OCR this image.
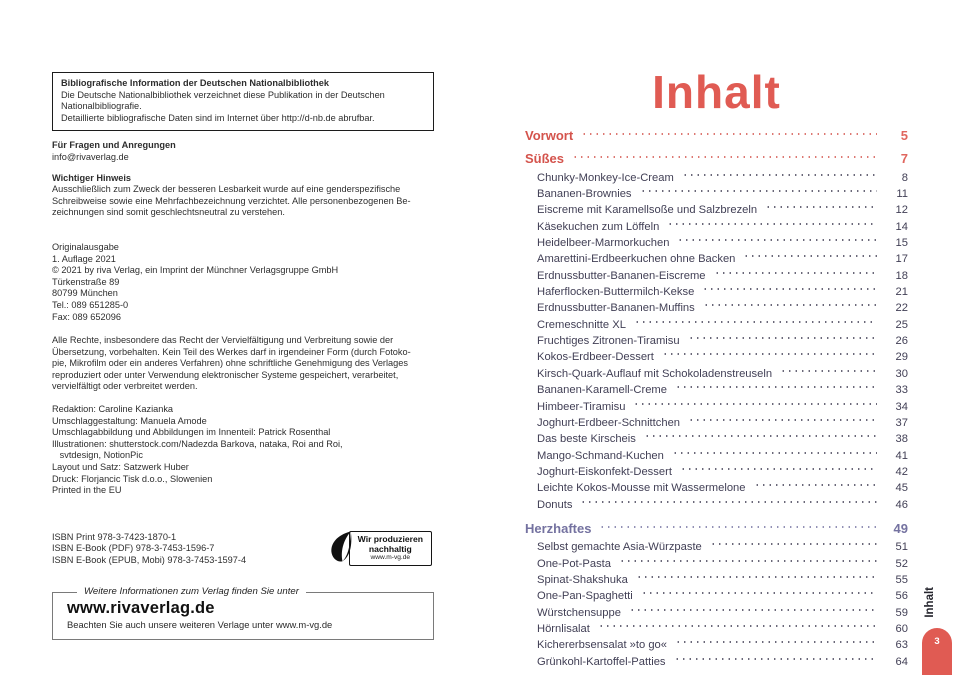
Bibliografische Information der Deutschen Nationalbibliothek
Die Deutsche Nationalbibliothek verzeichnet diese Publikation in der Deutschen
Nationalbibliografie.
Detaillierte bibliografische Daten sind im Internet über http://d-nb.de abrufbar.
Für Fragen und Anregungen
info@rivaverlag.de
Wichtiger Hinweis
Ausschließlich zum Zweck der besseren Lesbarkeit wurde auf eine genderspezifische
Schreibweise sowie eine Mehrfachbezeichnung verzichtet. Alle personenbezogenen Be-
zeichnungen sind somit geschlechtsneutral zu verstehen.
Originalausgabe
1. Auflage 2021
© 2021 by riva Verlag, ein Imprint der Münchner Verlagsgruppe GmbH
Türkenstraße 89
80799 München
Tel.: 089 651285-0
Fax: 089 652096
Alle Rechte, insbesondere das Recht der Vervielfältigung und Verbreitung sowie der
Übersetzung, vorbehalten. Kein Teil des Werkes darf in irgendeiner Form (durch Fotoko-
pie, Mikrofilm oder ein anderes Verfahren) ohne schriftliche Genehmigung des Verlages
reproduziert oder unter Verwendung elektronischer Systeme gespeichert, verarbeitet,
vervielfältigt oder verbreitet werden.
Redaktion: Caroline Kazianka
Umschlaggestaltung: Manuela Amode
Umschlagabbildung und Abbildungen im Innenteil: Patrick Rosenthal
Illustrationen: shutterstock.com/Nadezda Barkova, nataka, Roi and Roi,
svtdesign, NotionPic
Layout und Satz: Satzwerk Huber
Druck: Florjancic Tisk d.o.o., Slowenien
Printed in the EU
ISBN Print 978-3-7423-1870-1
ISBN E-Book (PDF) 978-3-7453-1596-7
ISBN E-Book (EPUB, Mobi) 978-3-7453-1597-4
Wir produzieren
nachhaltig
www.m-vg.de
Weitere Informationen zum Verlag finden Sie unter
www.rivaverlag.de
Beachten Sie auch unsere weiteren Verlage unter www.m-vg.de
Inhalt
Vorwort	5
Süßes	7
Chunky-Monkey-Ice-Cream	8
Bananen-Brownies	11
Eiscreme mit Karamellsoße und Salzbrezeln	12
Käsekuchen zum Löffeln	14
Heidelbeer-Marmorkuchen	15
Amarettini-Erdbeerkuchen ohne Backen	17
Erdnussbutter-Bananen-Eiscreme	18
Haferflocken-Buttermilch-Kekse	21
Erdnussbutter-Bananen-Muffins	22
Cremeschnitte XL	25
Fruchtiges Zitronen-Tiramisu	26
Kokos-Erdbeer-Dessert	29
Kirsch-Quark-Auflauf mit Schokoladenstreuseln	30
Bananen-Karamell-Creme	33
Himbeer-Tiramisu	34
Joghurt-Erdbeer-Schnittchen	37
Das beste Kirscheis	38
Mango-Schmand-Kuchen	41
Joghurt-Eiskonfekt-Dessert	42
Leichte Kokos-Mousse mit Wassermelone	45
Donuts	46
Herzhaftes	49
Selbst gemachte Asia-Würzpaste	51
One-Pot-Pasta	52
Spinat-Shakshuka	55
One-Pan-Spaghetti	56
Würstchensuppe	59
Hörnlisalat	60
Kichererbsensalat »to go«	63
Grünkohl-Kartoffel-Patties	64
Inhalt
3
